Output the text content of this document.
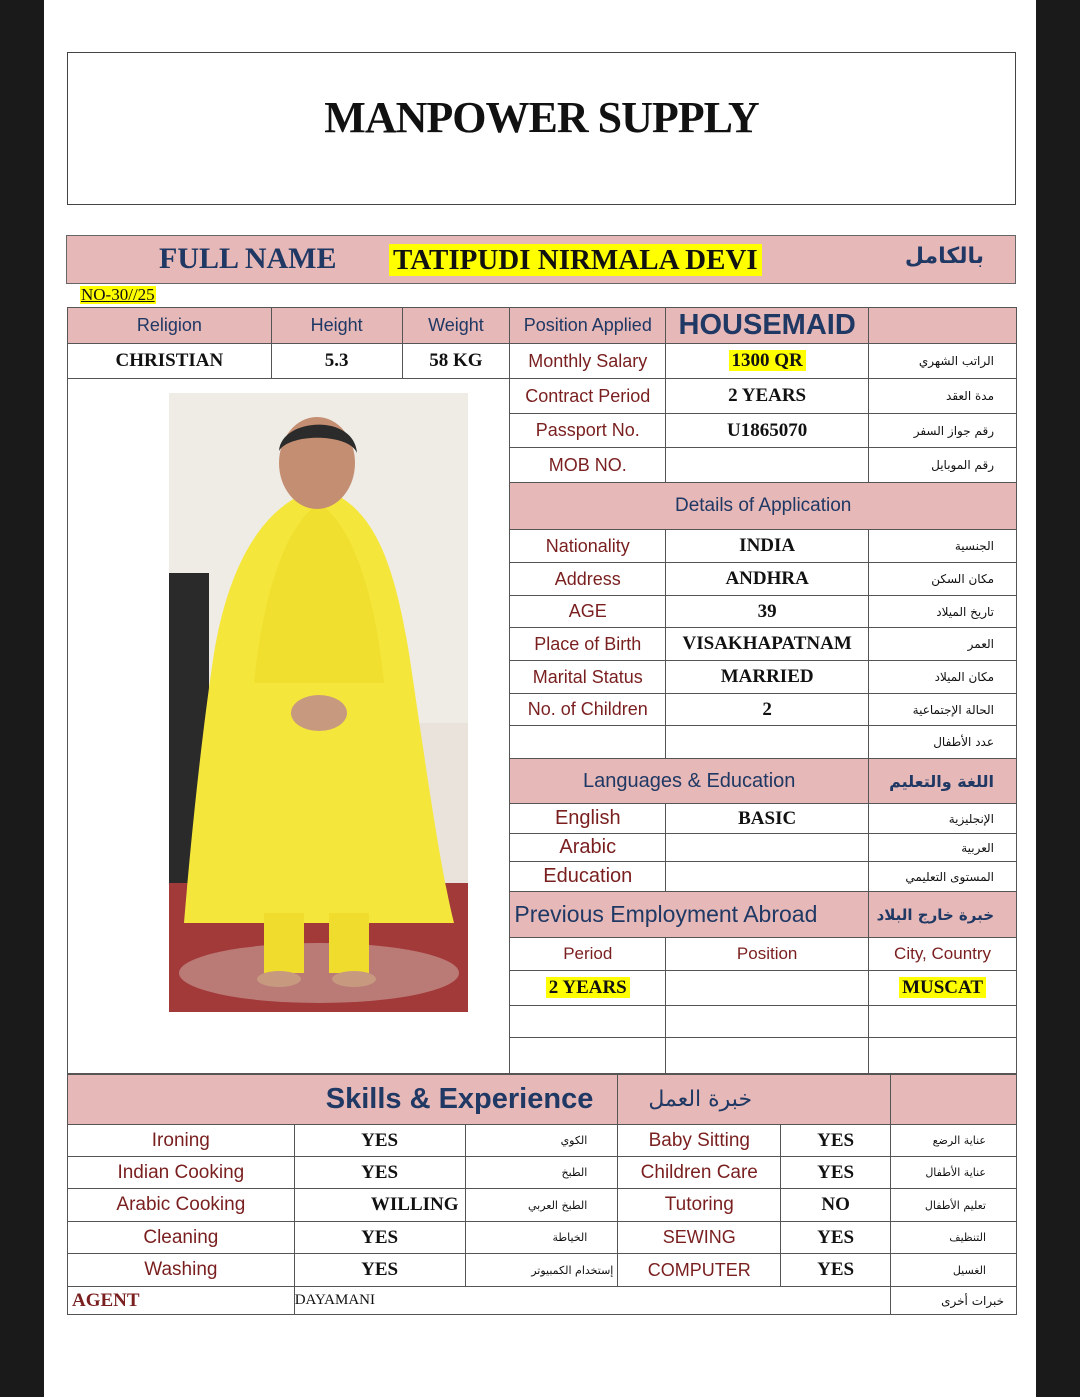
MANPOWER SUPPLY
FULL NAME TATIPUDI NIRMALA DEVI	بالكامل
NO-30//25
Religion	Height	Weight	Position Applied	HOUSEMAID	
CHRISTIAN	5.3	58 KG	Monthly Salary	1300 QR	الراتب الشهري

	Contract Period	2 YEARS	مدة العقد
			Passport No.	U1865070	رقم جواز السفر
			MOB NO.		رقم الموبايل
			Details of Application		
			Nationality	INDIA	الجنسية
			Address	ANDHRA	مكان السكن
			AGE	39	تاريخ الميلاد
			Place of Birth	VISAKHAPATNAM	العمر
			Marital Status	MARRIED	مكان الميلاد
			No. of Children	2	الحالة الإجتماعية
					عدد الأطفال
			Languages & Education		اللغة والتعليم
			English	BASIC	الإنجليزية
			Arabic		العربية
			Education		المستوى التعليمي
			Previous Employment Abroad		خبرة خارج البلاد
			Period	Position	City, Country
			2 YEARS		MUSCAT

Skills & Experience			خبرة العمل		
Ironing	YES	الكوي	Baby Sitting	YES	عناية الرضع
Indian Cooking	YES	الطبخ	Children Care	YES	عناية الأطفال
Arabic Cooking	WILLING	الطبخ العربي	Tutoring	NO	تعليم الأطفال
Cleaning	YES	الخياطة	SEWING	YES	التنظيف
Washing	YES	إستخدام الكمبيوتر	COMPUTER	YES	الغسيل
AGENT	DAYAMANI				خبرات أخرى
